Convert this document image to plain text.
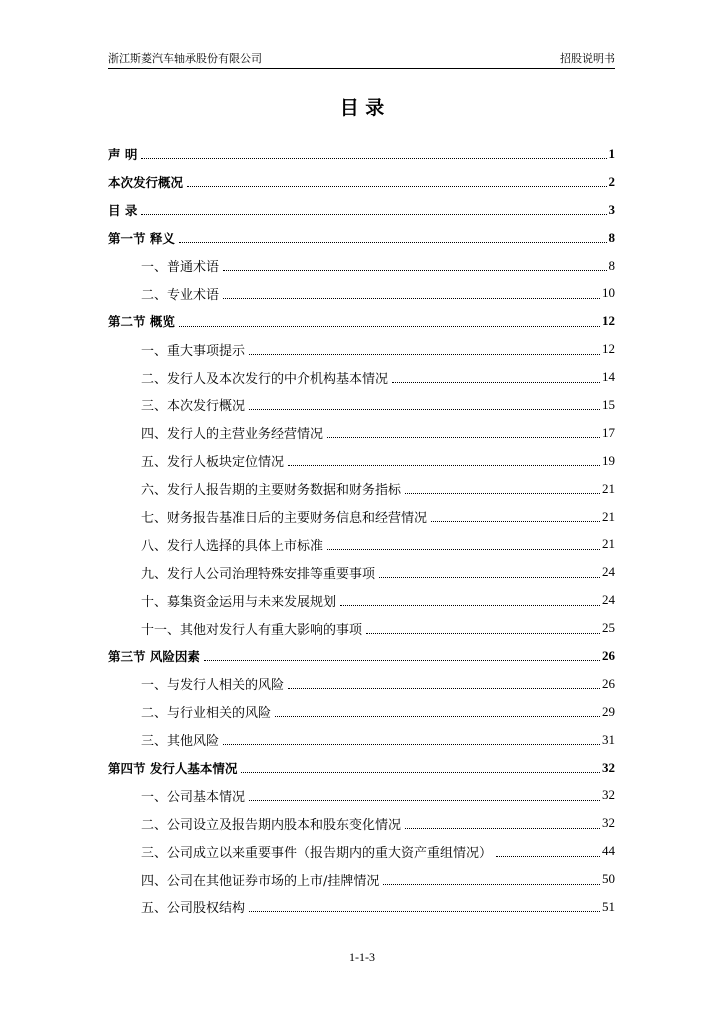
浙江斯菱汽车轴承股份有限公司	招股说明书
目 录
声 明	1
本次发行概况	2
目 录	3
第一节 释义	8
一、普通术语	8
二、专业术语	10
第二节 概览	12
一、重大事项提示	12
二、发行人及本次发行的中介机构基本情况	14
三、本次发行概况	15
四、发行人的主营业务经营情况	17
五、发行人板块定位情况	19
六、发行人报告期的主要财务数据和财务指标	21
七、财务报告基准日后的主要财务信息和经营情况	21
八、发行人选择的具体上市标准	21
九、发行人公司治理特殊安排等重要事项	24
十、募集资金运用与未来发展规划	24
十一、其他对发行人有重大影响的事项	25
第三节 风险因素	26
一、与发行人相关的风险	26
二、与行业相关的风险	29
三、其他风险	31
第四节 发行人基本情况	32
一、公司基本情况	32
二、公司设立及报告期内股本和股东变化情况	32
三、公司成立以来重要事件（报告期内的重大资产重组情况）	44
四、公司在其他证券市场的上市/挂牌情况	50
五、公司股权结构	51
1-1-3
